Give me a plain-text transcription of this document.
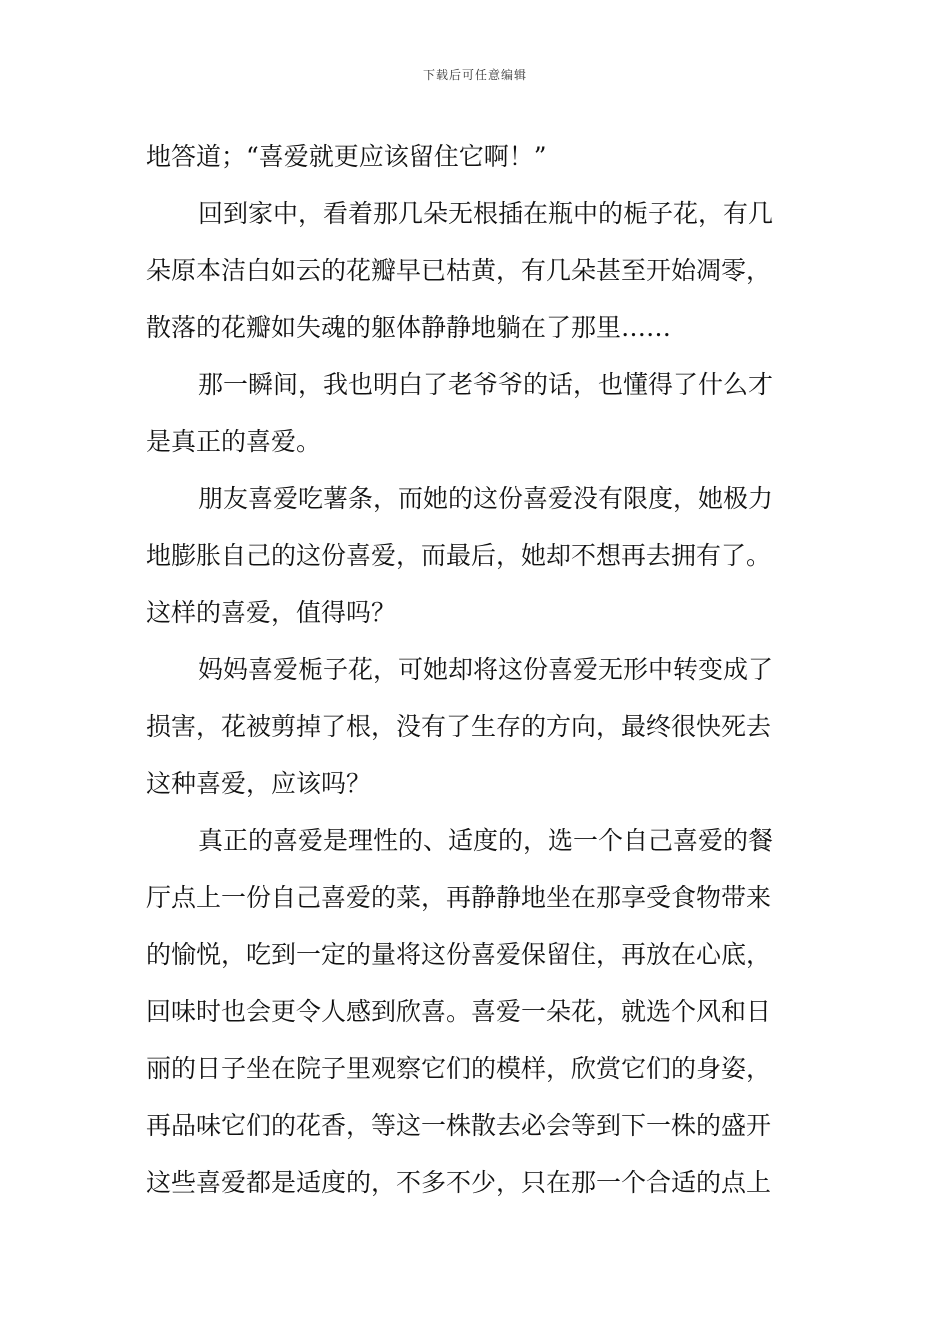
下载后可任意编辑
地答道；“喜爱就更应该留住它啊！”
回到家中，看着那几朵无根插在瓶中的栀子花，有几
朵原本洁白如云的花瓣早已枯黄，有几朵甚至开始凋零，
散落的花瓣如失魂的躯体静静地躺在了那里……
那一瞬间，我也明白了老爷爷的话，也懂得了什么才
是真正的喜爱。
朋友喜爱吃薯条，而她的这份喜爱没有限度，她极力
地膨胀自己的这份喜爱，而最后，她却不想再去拥有了。
这样的喜爱，值得吗？
妈妈喜爱栀子花，可她却将这份喜爱无形中转变成了
损害，花被剪掉了根，没有了生存的方向，最终很快死去
这种喜爱，应该吗？
真正的喜爱是理性的、适度的，选一个自己喜爱的餐
厅点上一份自己喜爱的菜，再静静地坐在那享受食物带来
的愉悦，吃到一定的量将这份喜爱保留住，再放在心底，
回味时也会更令人感到欣喜。喜爱一朵花，就选个风和日
丽的日子坐在院子里观察它们的模样，欣赏它们的身姿，
再品味它们的花香，等这一株散去必会等到下一株的盛开
这些喜爱都是适度的，不多不少，只在那一个合适的点上
